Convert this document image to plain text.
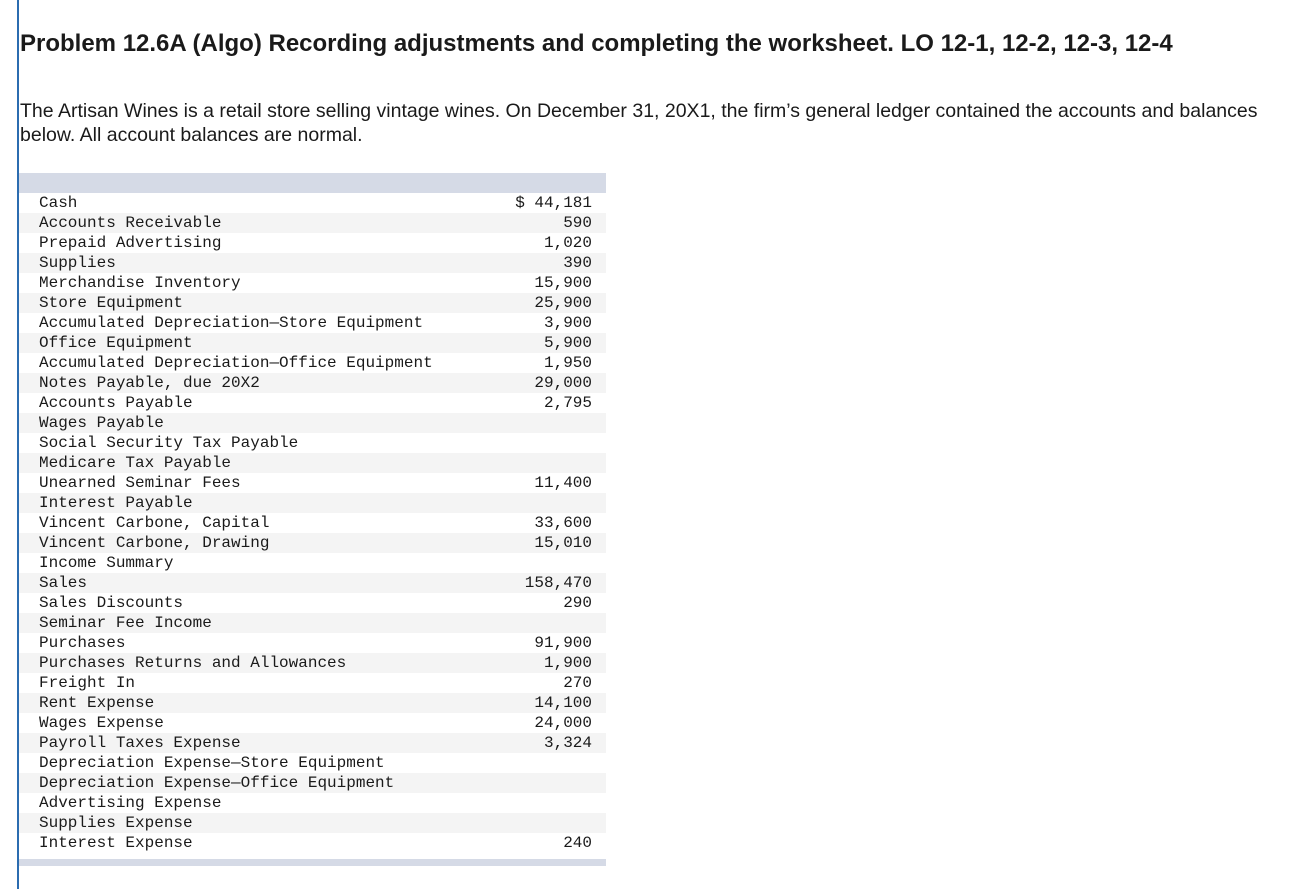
Problem 12.6A (Algo) Recording adjustments and completing the worksheet. LO 12-1, 12-2, 12-3, 12-4

The Artisan Wines is a retail store selling vintage wines. On December 31, 20X1, the firm’s general ledger contained the accounts and balances below. All account balances are normal.

Cash	$ 44,181
Accounts Receivable	590
Prepaid Advertising	1,020
Supplies	390
Merchandise Inventory	15,900
Store Equipment	25,900
Accumulated Depreciation—Store Equipment	3,900
Office Equipment	5,900
Accumulated Depreciation—Office Equipment	1,950
Notes Payable, due 20X2	29,000
Accounts Payable	2,795
Wages Payable	
Social Security Tax Payable	
Medicare Tax Payable	
Unearned Seminar Fees	11,400
Interest Payable	
Vincent Carbone, Capital	33,600
Vincent Carbone, Drawing	15,010
Income Summary	
Sales	158,470
Sales Discounts	290
Seminar Fee Income	
Purchases	91,900
Purchases Returns and Allowances	1,900
Freight In	270
Rent Expense	14,100
Wages Expense	24,000
Payroll Taxes Expense	3,324
Depreciation Expense—Store Equipment	
Depreciation Expense—Office Equipment	
Advertising Expense	
Supplies Expense	
Interest Expense	240
